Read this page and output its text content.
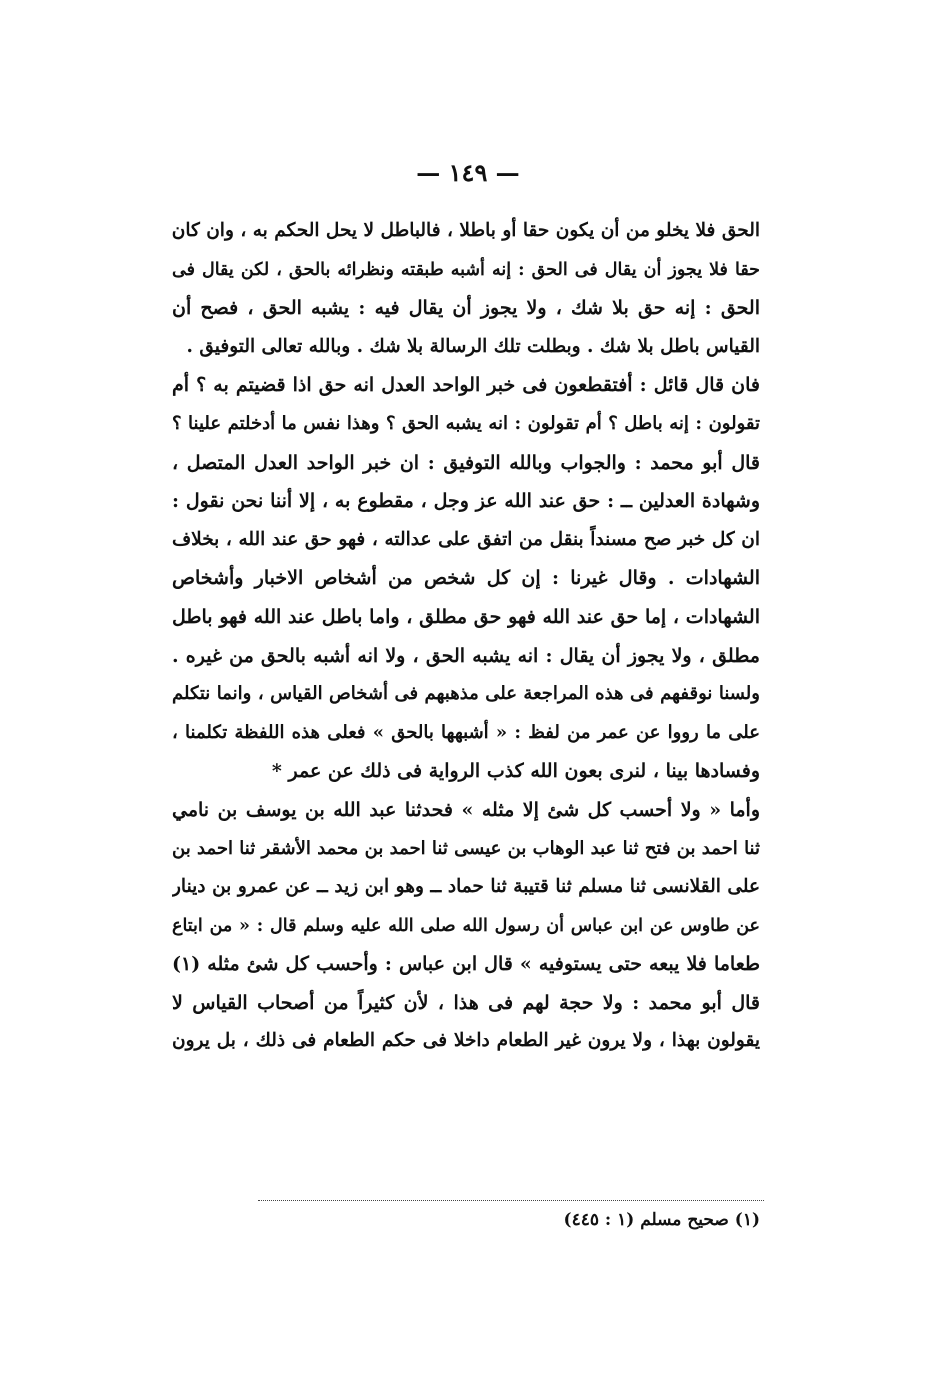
— ١٤٩ —
الحق فلا يخلو من أن يكون حقا أو باطلا ، فالباطل لا يحل الحكم به ، وان كان
حقا فلا يجوز أن يقال فى الحق : إنه أشبه طبقته ونظرائه بالحق ، لكن يقال فى
الحق : إنه حق بلا شك ، ولا يجوز أن يقال فيه : يشبه الحق ، فصح أن
القياس باطل بلا شك . وبطلت تلك الرسالة بلا شك . وبالله تعالى التوفيق .
فان قال قائل : أفتقطعون فى خبر الواحد العدل انه حق اذا قضيتم به ؟ أم
تقولون : إنه باطل ؟ أم تقولون : انه يشبه الحق ؟ وهذا نفس ما أدخلتم علينا ؟
قال أبو محمد : والجواب وبالله التوفيق : ان خبر الواحد العدل المتصل ،
وشهادة العدلين ــ : حق عند الله عز وجل ، مقطوع به ، إلا أننا نحن نقول :
ان كل خبر صح مسنداً بنقل من اتفق على عدالته ، فهو حق عند الله ، بخلاف
الشهادات . وقال غيرنا : إن كل شخص من أشخاص الاخبار وأشخاص
الشهادات ، إما حق عند الله فهو حق مطلق ، واما باطل عند الله فهو باطل
مطلق ، ولا يجوز أن يقال : انه يشبه الحق ، ولا انه أشبه بالحق من غيره .
ولسنا نوقفهم فى هذه المراجعة على مذهبهم فى أشخاص القياس ، وانما نتكلم
على ما رووا عن عمر من لفظ : « أشبهها بالحق » فعلى هذه اللفظة تكلمنا ،
وفسادها بينا ، لنرى بعون الله كذب الرواية فى ذلك عن عمر *
وأما « ولا أحسب كل شئ إلا مثله » فحدثنا عبد الله بن يوسف بن نامي
ثنا احمد بن فتح ثنا عبد الوهاب بن عيسى ثنا احمد بن محمد الأشقر ثنا احمد بن
على القلانسى ثنا مسلم ثنا قتيبة ثنا حماد ــ وهو ابن زيد ــ عن عمرو بن دينار
عن طاوس عن ابن عباس أن رسول الله صلى الله عليه وسلم قال : « من ابتاع
طعاما فلا يبعه حتى يستوفيه » قال ابن عباس : وأحسب كل شئ مثله (١)
قال أبو محمد : ولا حجة لهم فى هذا ، لأن كثيراً من أصحاب القياس لا
يقولون بهذا ، ولا يرون غير الطعام داخلا فى حكم الطعام فى ذلك ، بل يرون
(١) صحيح مسلم (١ : ٤٤٥)
